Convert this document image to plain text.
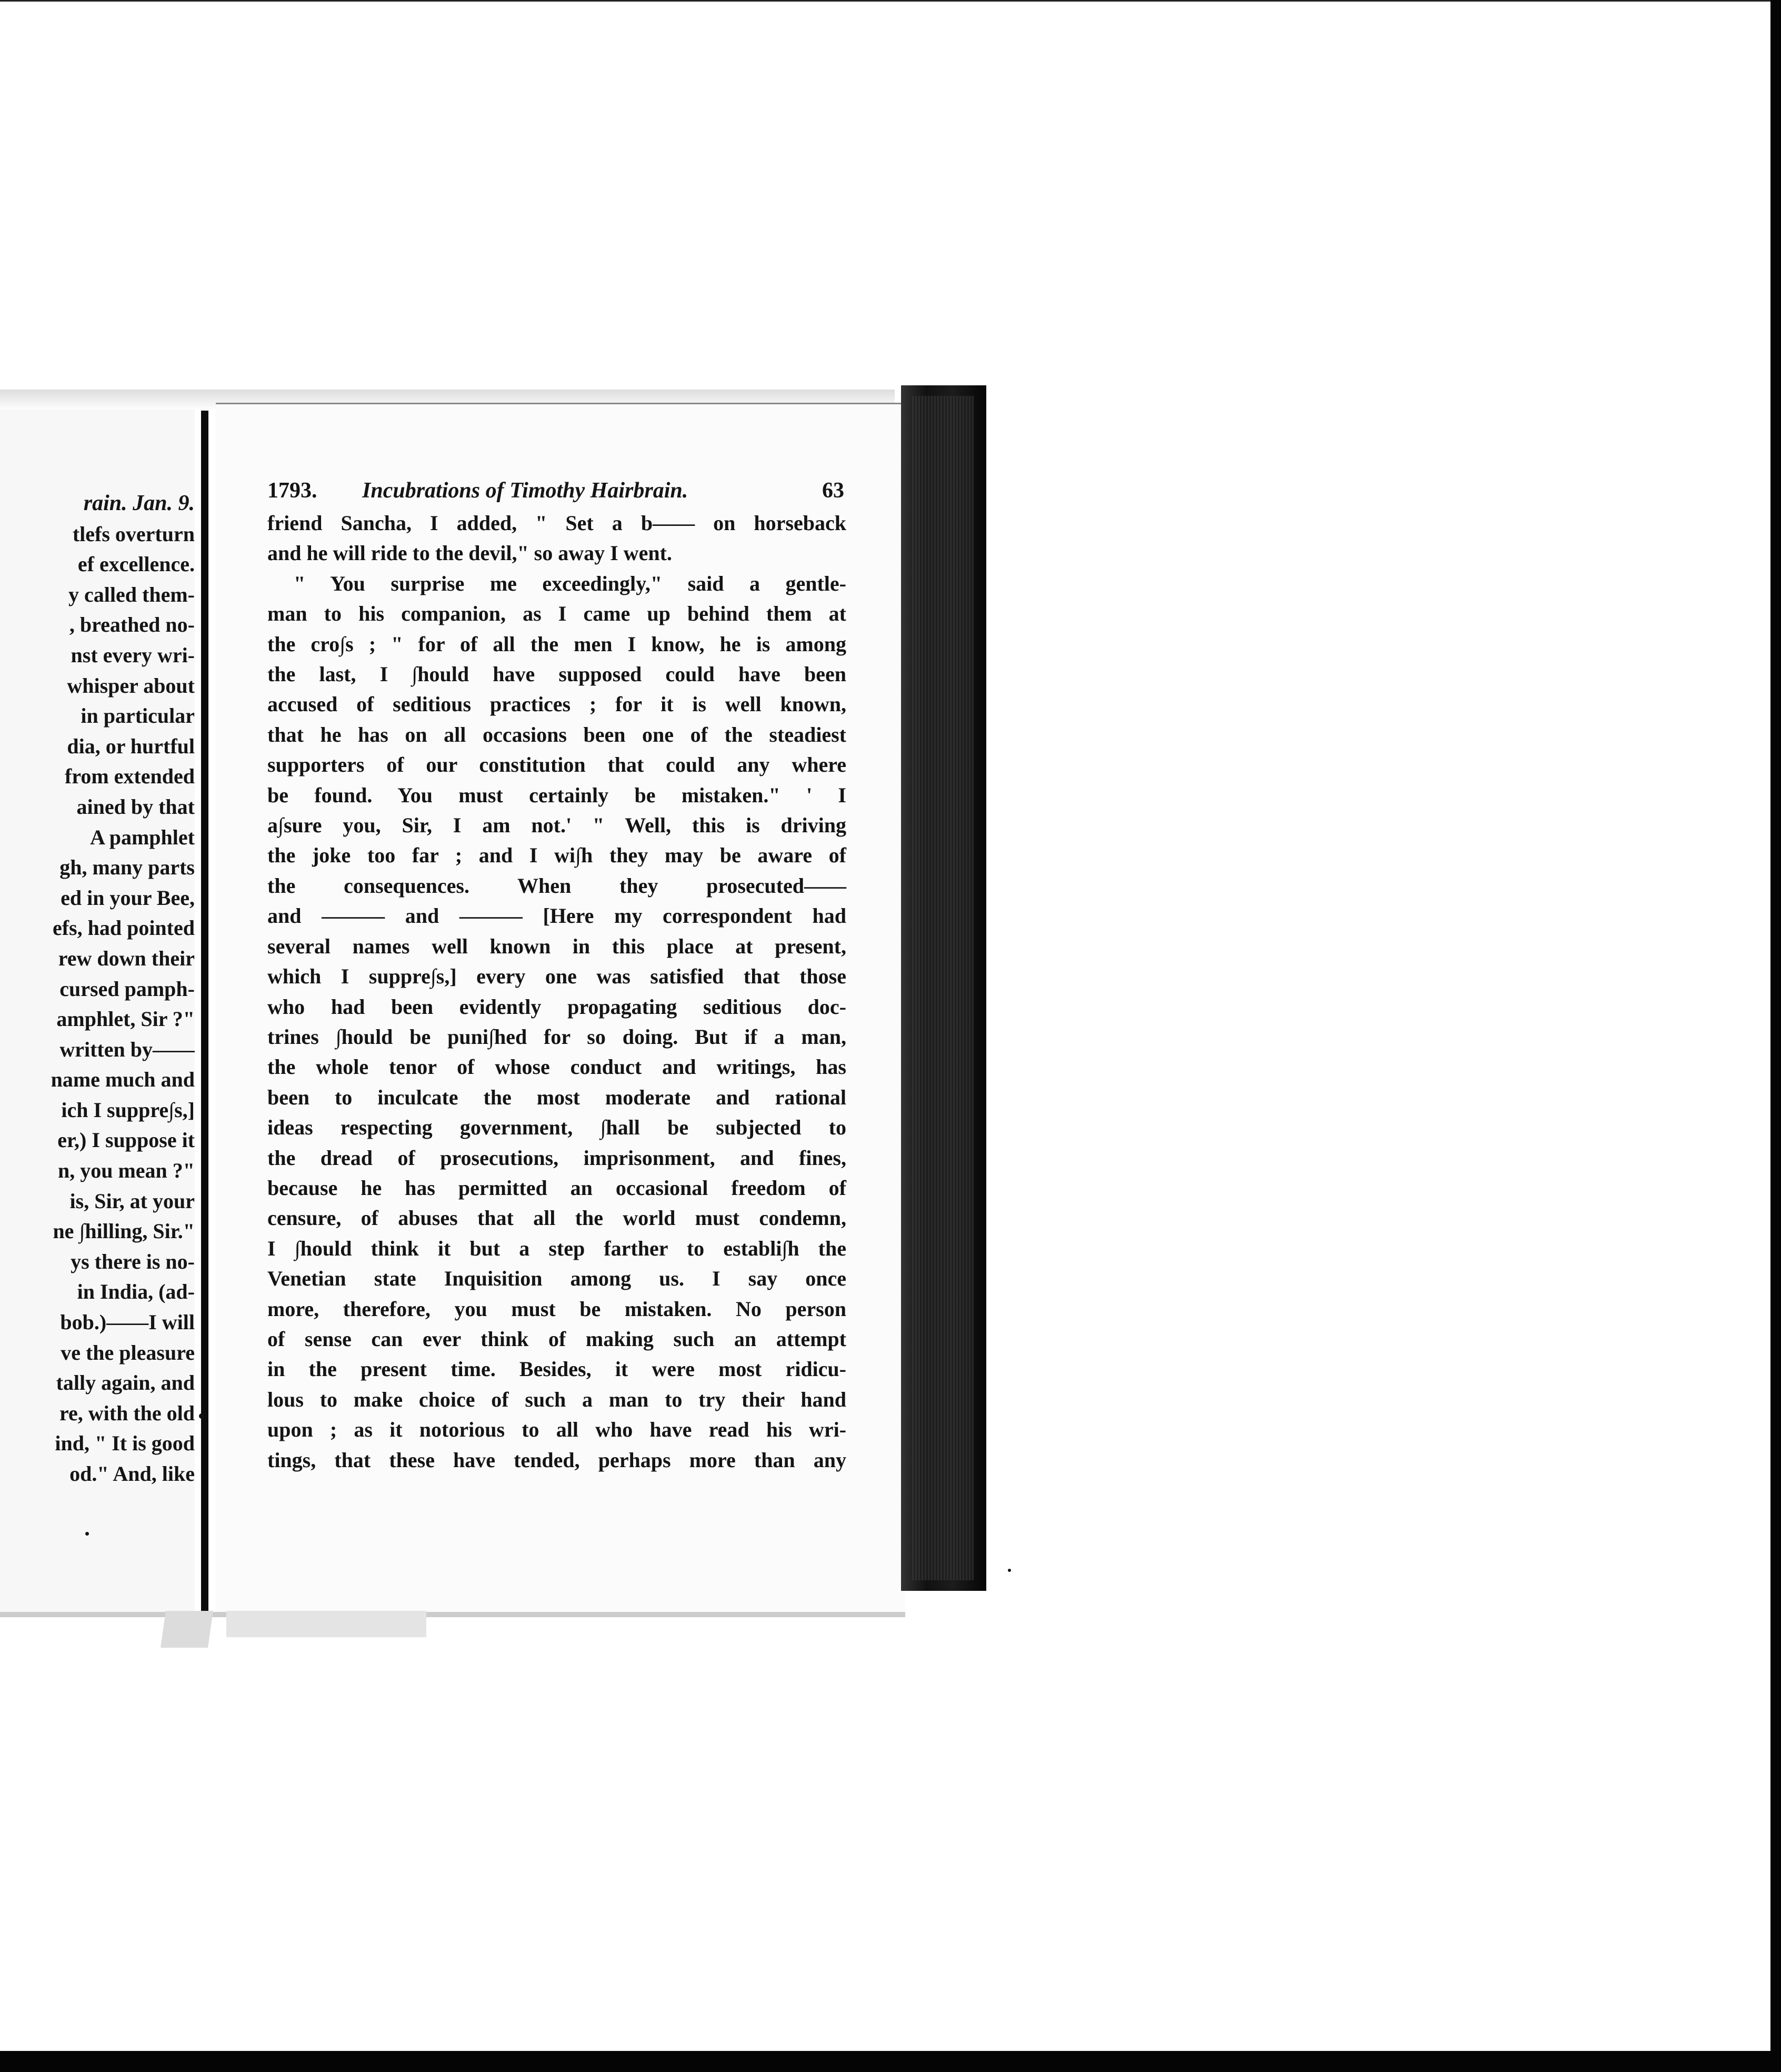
rain. Jan. 9.
tlefs overturn
ef excellence.
y called them-
, breathed no-
nst every wri-
whisper about
in particular
dia, or hurtful
from extended
ained by that
A pamphlet
gh, many parts
ed in your Bee,
efs, had pointed
rew down their
cursed pamph-
amphlet, Sir ?"
written by——
name much and
ich I suppre∫s,]
er,) I suppose it
n, you mean ?"
is, Sir, at your
ne ∫hilling, Sir."
ys there is no-
in India, (ad-
bob.)——I will
ve the pleasure
tally again, and
re, with the old
ind, " It is good
od." And, like
1793. Incubrations of Timothy Hairbrain.	63
friend Sancha, I added, " Set a b—— on horseback
and he will ride to the devil," so away I went.
" You surprise me exceedingly," said a gentle-
man to his companion, as I came up behind them at
the cro∫s ; " for of all the men I know, he is among
the last, I ∫hould have supposed could have been
accused of seditious practices ; for it is well known,
that he has on all occasions been one of the steadiest
supporters of our constitution that could any where
be found. You must certainly be mistaken." ' I
a∫sure you, Sir, I am not.' " Well, this is driving
the joke too far ; and I wi∫h they may be aware of
the consequences. When they prosecuted——
and ——— and ——— [Here my correspondent had
several names well known in this place at present,
which I suppre∫s,] every one was satisfied that those
who had been evidently propagating seditious doc-
trines ∫hould be puni∫hed for so doing. But if a man,
the whole tenor of whose conduct and writings, has
been to inculcate the most moderate and rational
ideas respecting government, ∫hall be subjected to
the dread of prosecutions, imprisonment, and fines,
because he has permitted an occasional freedom of
censure, of abuses that all the world must condemn,
I ∫hould think it but a step farther to establi∫h the
Venetian state Inquisition among us. I say once
more, therefore, you must be mistaken. No person
of sense can ever think of making such an attempt
in the present time. Besides, it were most ridicu-
lous to make choice of such a man to try their hand
upon ; as it notorious to all who have read his wri-
tings, that these have tended, perhaps more than any
